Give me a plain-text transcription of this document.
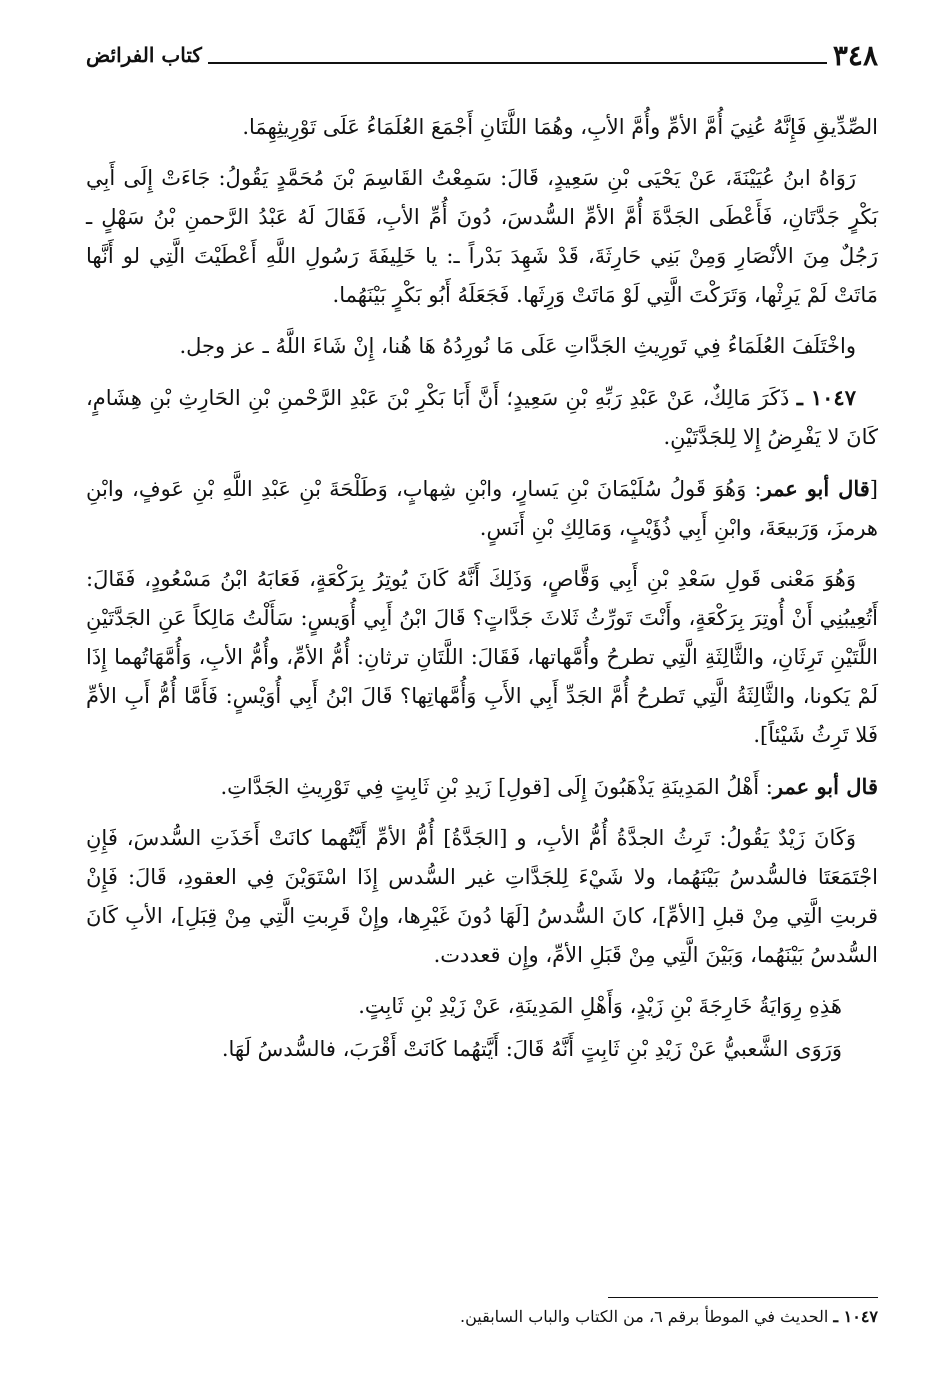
٣٤٨
كتاب الفرائض

الصِّدِّيقِ فَإِنَّهُ عُنِيَ أُمَّ الأمِّ وأُمَّ الأبِ، وهُمَا اللَّتَانِ أَجْمَعَ العُلَمَاءُ عَلَى تَوْرِيثِهِمَا.

رَوَاهُ ابنُ عُيَيْنَةَ، عَنْ يَحْيَى بْنِ سَعِيدٍ، قَالَ: سَمِعْتُ القَاسِمَ بْنَ مُحَمَّدٍ يَقُولُ: جَاءَتْ إِلَى أَبِي بَكْرٍ جَدَّتَانِ، فَأَعْطَى الجَدَّةَ أُمَّ الأمِّ السُّدسَ، دُونَ أُمِّ الأبِ، فَقَالَ لَهُ عَبْدُ الرَّحمنِ بْنُ سَهْلٍ ـ رَجُلٌ مِنَ الأنْصَارِ وَمِنْ بَنِي حَارِثَةَ، قَدْ شَهِدَ بَدْراً ـ: يا خَلِيفَةَ رَسُولِ اللَّهِ أَعْطَيْتَ الَّتِي لو أَنَّها مَاتَتْ لَمْ يَرِثْها، وَتَرَكْتَ الَّتِي لَوْ مَاتَتْ وَرِثَها. فَجَعَلَهُ أَبُو بَكْرٍ بَيْنَهُما.

واخْتَلَفَ العُلَمَاءُ فِي تَورِيثِ الجَدَّاتِ عَلَى مَا نُورِدُهُ هَا هُنا، إِنْ شَاءَ اللَّهُ ـ عز وجل.

١٠٤٧ ـ ذَكَرَ مَالِكٌ، عَنْ عَبْدِ رَبِّهِ بْنِ سَعِيدٍ؛ أَنَّ أَبَا بَكْرِ بْنَ عَبْدِ الرَّحْمنِ بْنِ الحَارِثِ بْنِ هِشَامٍ، كَانَ لا يَفْرِضُ إِلا لِلجَدَّتَيْنِ.

[قال أبو عمر: وَهُوَ قَولُ سُلَيْمَانَ بْنِ يَسارٍ، وابْنِ شِهابٍ، وَطَلْحَةَ بْنِ عَبْدِ اللَّهِ بْنِ عَوفٍ، وابْنِ هرمزَ، وَرَبيعَةَ، وابْنِ أَبِي ذُؤَيْبٍ، وَمَالِكِ بْنِ أَنَسٍ.

وَهُوَ مَعْنى قَولِ سَعْدِ بْنِ أَبِي وَقَّاصٍ، وَذَلِكَ أَنَّهُ كَانَ يُوتِرُ بِرَكْعَةٍ، فَعَابَهُ ابْنُ مَسْعُودٍ، فَقَالَ: أَتُعِيبُنِي أَنْ أُوتِرَ بِرَكْعَةٍ، وأَنْتَ تَورِّثُ ثَلاثَ جَدَّاتٍ؟ قَالَ ابْنُ أَبِي أُوَيسٍ: سَأَلْتُ مَالِكاً عَنِ الجَدَّتَيْنِ اللَّتَيْنِ تَرِثَانِ، والثَّالِثَةِ الَّتِي تطرحُ وأُمَّهاتها، فَقَالَ: اللَّتَانِ ترثانِ: أُمُّ الأمِّ، وأُمُّ الأبِ، وَأُمَّهَاتُهما إِذَا لَمْ يَكونا، والثَّالِثَةُ الَّتِي تَطرحُ أُمَّ الجَدِّ أَبِي الأَبِ وَأُمَّهاتِها؟ قَالَ ابْنُ أَبِي أُوَيْسٍ: فَأَمَّا أُمُّ أَبِ الأمِّ فَلا تَرِثُ شَيْئاً].

قال أبو عمر: أَهْلُ المَدِينَةِ يَذْهَبُونَ إِلَى [قولِ] زَيدِ بْنِ ثَابِتٍ فِي تَوْرِيثِ الجَدَّاتِ.

وَكَانَ زَيْدٌ يَقُولُ: تَرِثُ الجدَّةُ أُمُّ الأبِ، و [الجَدَّةُ] أُمُّ الأمِّ أَيَّتُهما كانَتْ أَخَذَتِ السُّدسَ، فَإِنِ اجْتَمَعَتَا فالسُّدسُ بَيْنَهُما، ولا شَيْءَ لِلجَدَّاتِ غير السُّدس إِذَا اسْتَوَيْنَ فِي العقودِ، قَالَ: فَإِنْ قربتِ الَّتِي مِنْ قبلِ [الأمِّ]، كانَ السُّدسُ [لَهَا دُونَ غَيْرِها، وإِنْ قَرِبتِ الَّتِي مِنْ قِبَلِ]، الأبِ كَانَ السُّدسُ بَيْنَهُما، وَبَيْنَ الَّتِي مِنْ قَبَلِ الأمِّ، وإِن قعددت.

هَذِهِ رِوَايَةُ خَارِجَةَ بْنِ زَيْدٍ، وَأَهْلِ المَدِينَةِ، عَنْ زَيْدِ بْنِ ثَابِتٍ.

وَرَوَى الشَّعبيُّ عَنْ زَيْدِ بْنِ ثَابِتٍ أَنَّهُ قَالَ: أَيَّتهُما كَانَتْ أَقْرَبَ، فالسُّدسُ لَهَا.

١٠٤٧ ـ الحديث في الموطأ برقم ٦، من الكتاب والباب السابقين.
